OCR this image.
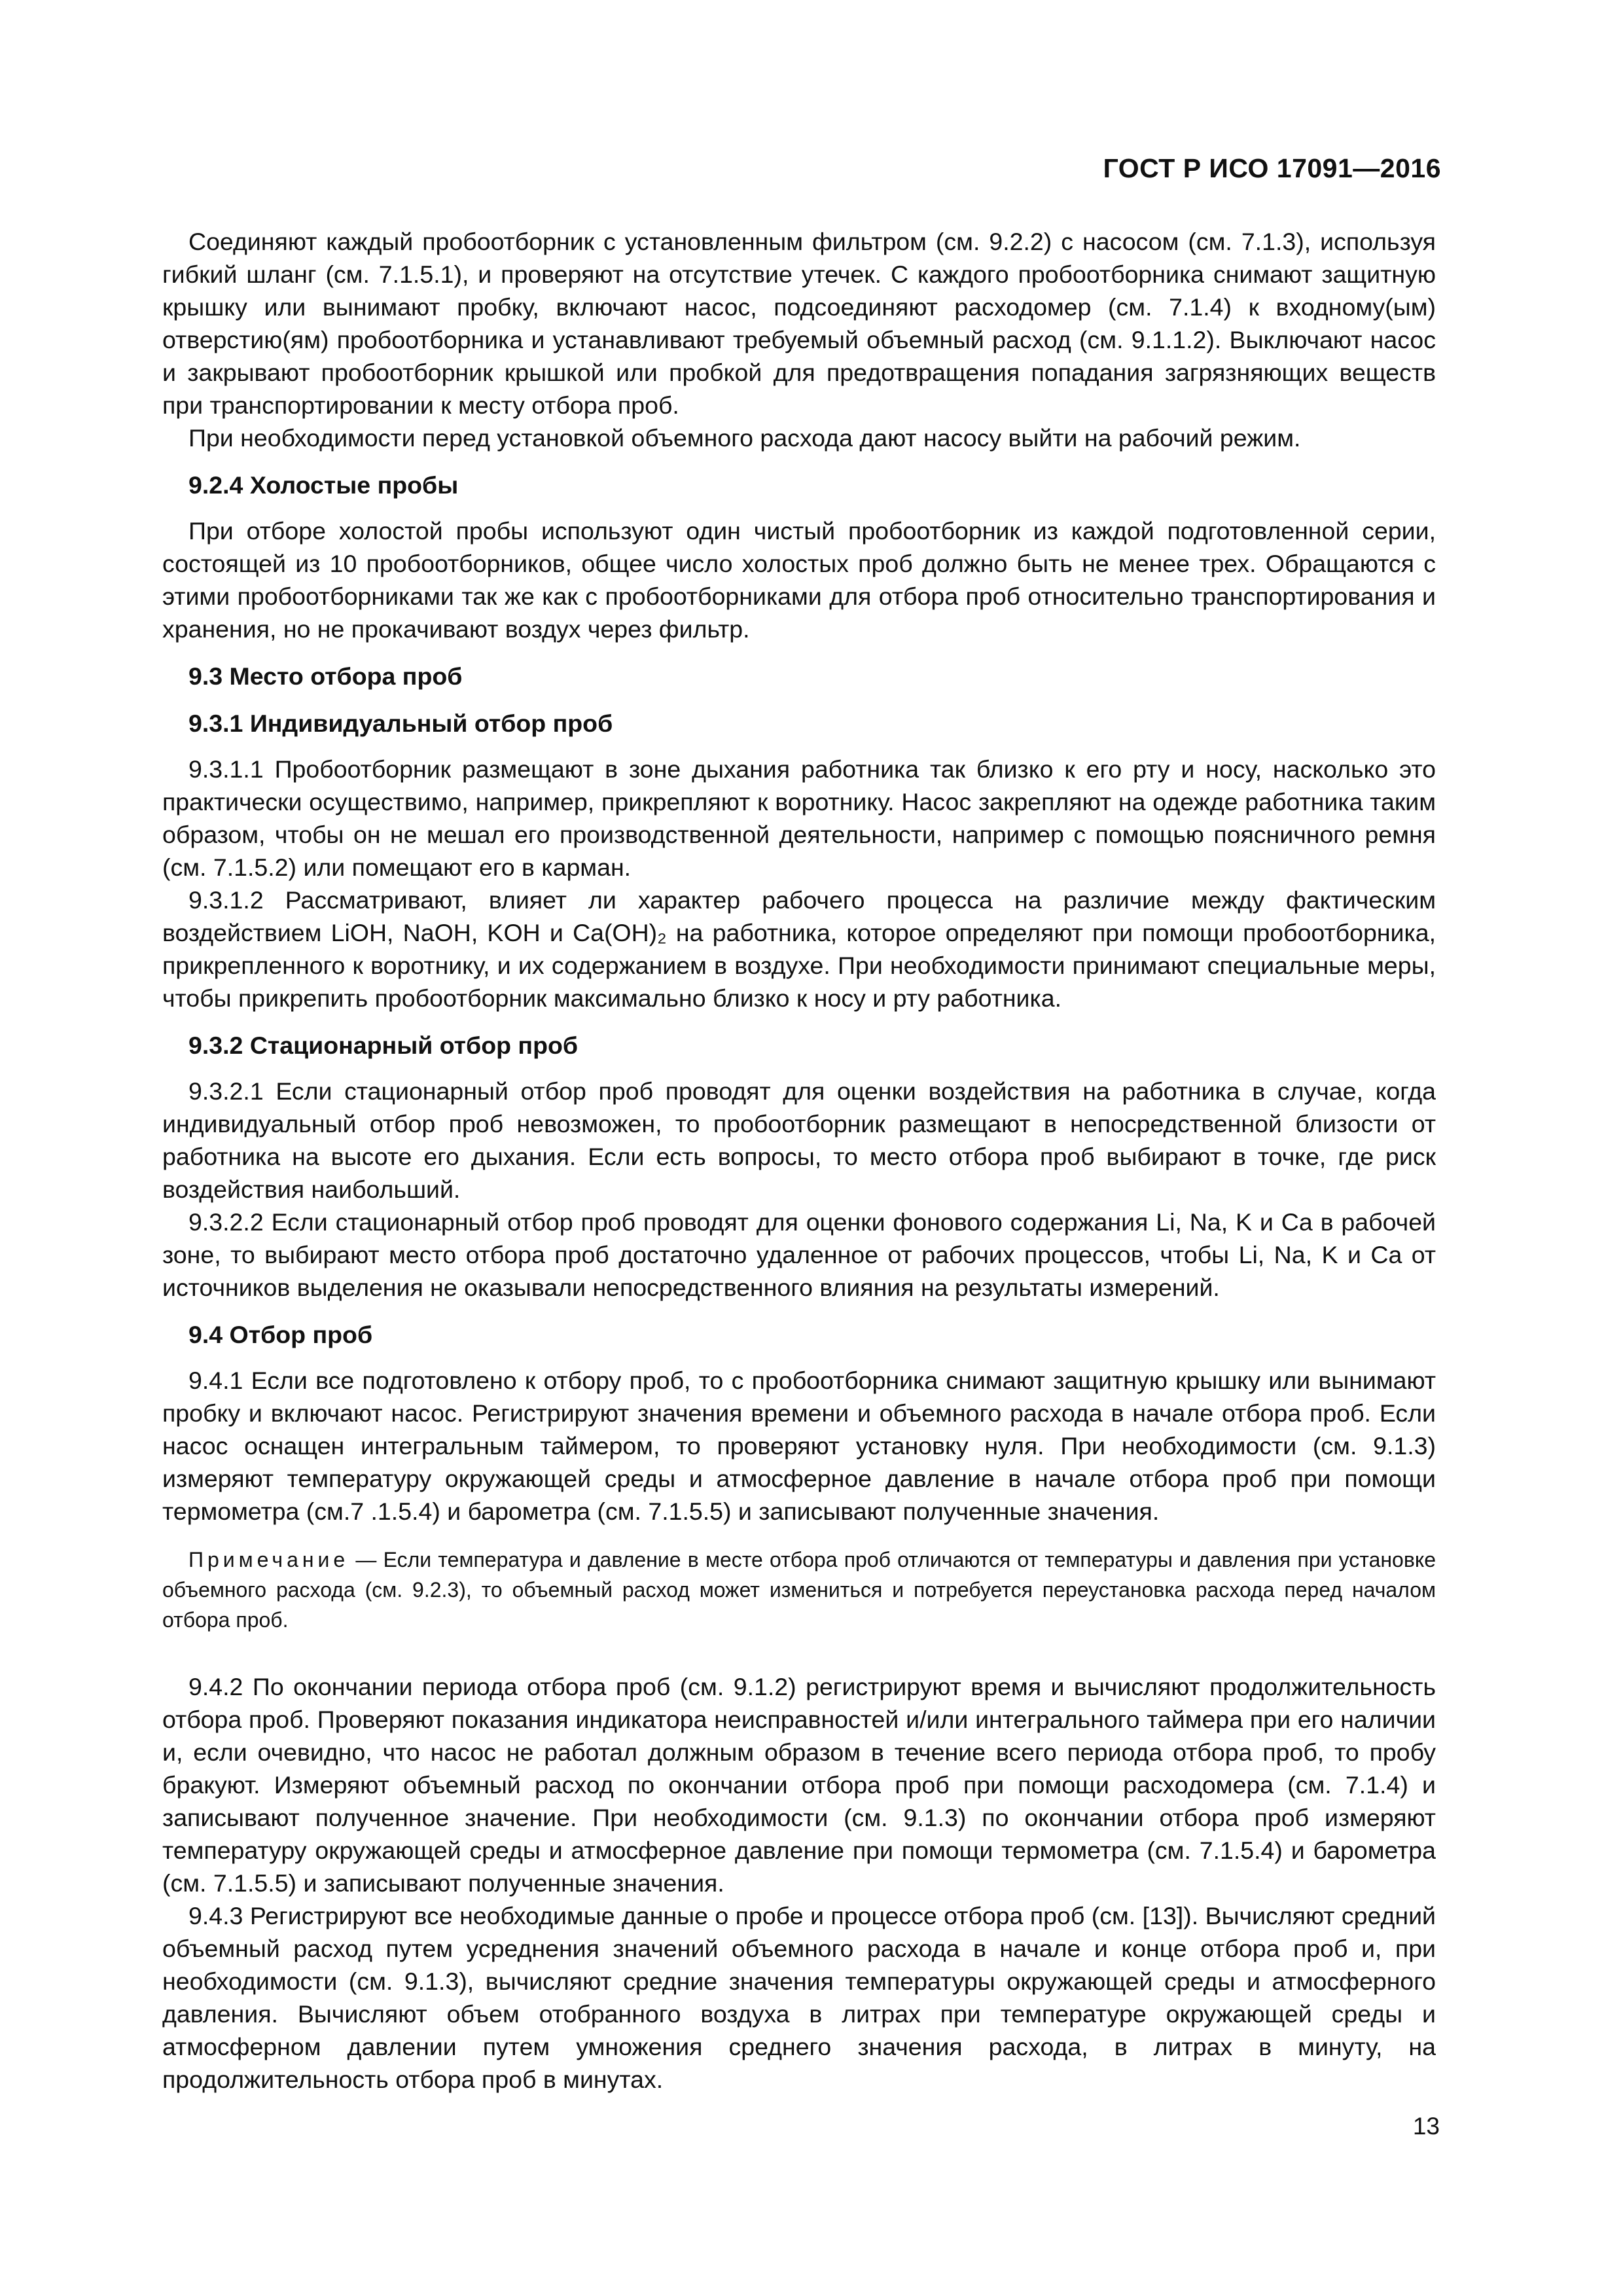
ГОСТ Р ИСО 17091—2016

Соединяют каждый пробоотборник с установленным фильтром (см. 9.2.2) с насосом (см. 7.1.3), используя гибкий шланг (см. 7.1.5.1), и проверяют на отсутствие утечек. С каждого пробоотборника снимают защитную крышку или вынимают пробку, включают насос, подсоединяют расходомер (см. 7.1.4) к входному(ым) отверстию(ям) пробоотборника и устанавливают требуемый объемный расход (см. 9.1.1.2). Выключают насос и закрывают пробоотборник крышкой или пробкой для предотвращения попадания загрязняющих веществ при транспортировании к месту отбора проб.

При необходимости перед установкой объемного расхода дают насосу выйти на рабочий режим.

9.2.4 Холостые пробы

При отборе холостой пробы используют один чистый пробоотборник из каждой подготовленной серии, состоящей из 10 пробоотборников, общее число холостых проб должно быть не менее трех. Обращаются с этими пробоотборниками так же как с пробоотборниками для отбора проб относительно транспортирования и хранения, но не прокачивают воздух через фильтр.

9.3 Место отбора проб
9.3.1 Индивидуальный отбор проб

9.3.1.1 Пробоотборник размещают в зоне дыхания работника так близко к его рту и носу, насколько это практически осуществимо, например, прикрепляют к воротнику. Насос закрепляют на одежде работника таким образом, чтобы он не мешал его производственной деятельности, например с помощью поясничного ремня (см. 7.1.5.2) или помещают его в карман.

9.3.1.2 Рассматривают, влияет ли характер рабочего процесса на различие между фактическим воздействием LiOH, NaOH, KOH и Ca(OH)₂ на работника, которое определяют при помощи пробоотборника, прикрепленного к воротнику, и их содержанием в воздухе. При необходимости принимают специальные меры, чтобы прикрепить пробоотборник максимально близко к носу и рту работника.

9.3.2 Стационарный отбор проб

9.3.2.1 Если стационарный отбор проб проводят для оценки воздействия на работника в случае, когда индивидуальный отбор проб невозможен, то пробоотборник размещают в непосредственной близости от работника на высоте его дыхания. Если есть вопросы, то место отбора проб выбирают в точке, где риск воздействия наибольший.

9.3.2.2 Если стационарный отбор проб проводят для оценки фонового содержания Li, Na, K и Ca в рабочей зоне, то выбирают место отбора проб достаточно удаленное от рабочих процессов, чтобы Li, Na, K и Ca от источников выделения не оказывали непосредственного влияния на результаты измерений.

9.4 Отбор проб

9.4.1 Если все подготовлено к отбору проб, то с пробоотборника снимают защитную крышку или вынимают пробку и включают насос. Регистрируют значения времени и объемного расхода в начале отбора проб. Если насос оснащен интегральным таймером, то проверяют установку нуля. При необходимости (см. 9.1.3) измеряют температуру окружающей среды и атмосферное давление в начале отбора проб при помощи термометра (см.7 .1.5.4) и барометра (см. 7.1.5.5) и записывают полученные значения.

Примечание — Если температура и давление в месте отбора проб отличаются от температуры и давления при установке объемного расхода (см. 9.2.3), то объемный расход может измениться и потребуется переустановка расхода перед началом отбора проб.

9.4.2 По окончании периода отбора проб (см. 9.1.2) регистрируют время и вычисляют продолжительность отбора проб. Проверяют показания индикатора неисправностей и/или интегрального таймера при его наличии и, если очевидно, что насос не работал должным образом в течение всего периода отбора проб, то пробу бракуют. Измеряют объемный расход по окончании отбора проб при помощи расходомера (см. 7.1.4) и записывают полученное значение. При необходимости (см. 9.1.3) по окончании отбора проб измеряют температуру окружающей среды и атмосферное давление при помощи термометра (см. 7.1.5.4) и барометра (см. 7.1.5.5) и записывают полученные значения.

9.4.3 Регистрируют все необходимые данные о пробе и процессе отбора проб (см. [13]). Вычисляют средний объемный расход путем усреднения значений объемного расхода в начале и конце отбора проб и, при необходимости (см. 9.1.3), вычисляют средние значения температуры окружающей среды и атмосферного давления. Вычисляют объем отобранного воздуха в литрах при температуре окружающей среды и атмосферном давлении путем умножения среднего значения расхода, в литрах в минуту, на продолжительность отбора проб в минутах.

13
